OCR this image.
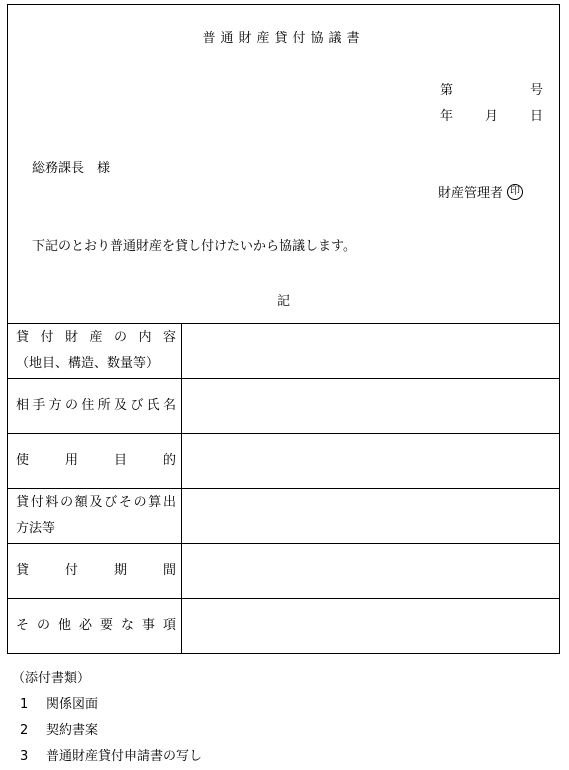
普通財産貸付協議書
第	号
年 月 日
総務課長　様
財産管理者 印
下記のとおり普通財産を貸し付けたいから協議します。
記
貸付財産の内容
（地目、構造、数量等）	

相手方の住所及び氏名	

使用目的	

貸付料の額及びその算出
方法等	

貸付期間	

その他必要な事項	

（添付書類）
1	関係図面
2	契約書案
3	普通財産貸付申請書の写し
